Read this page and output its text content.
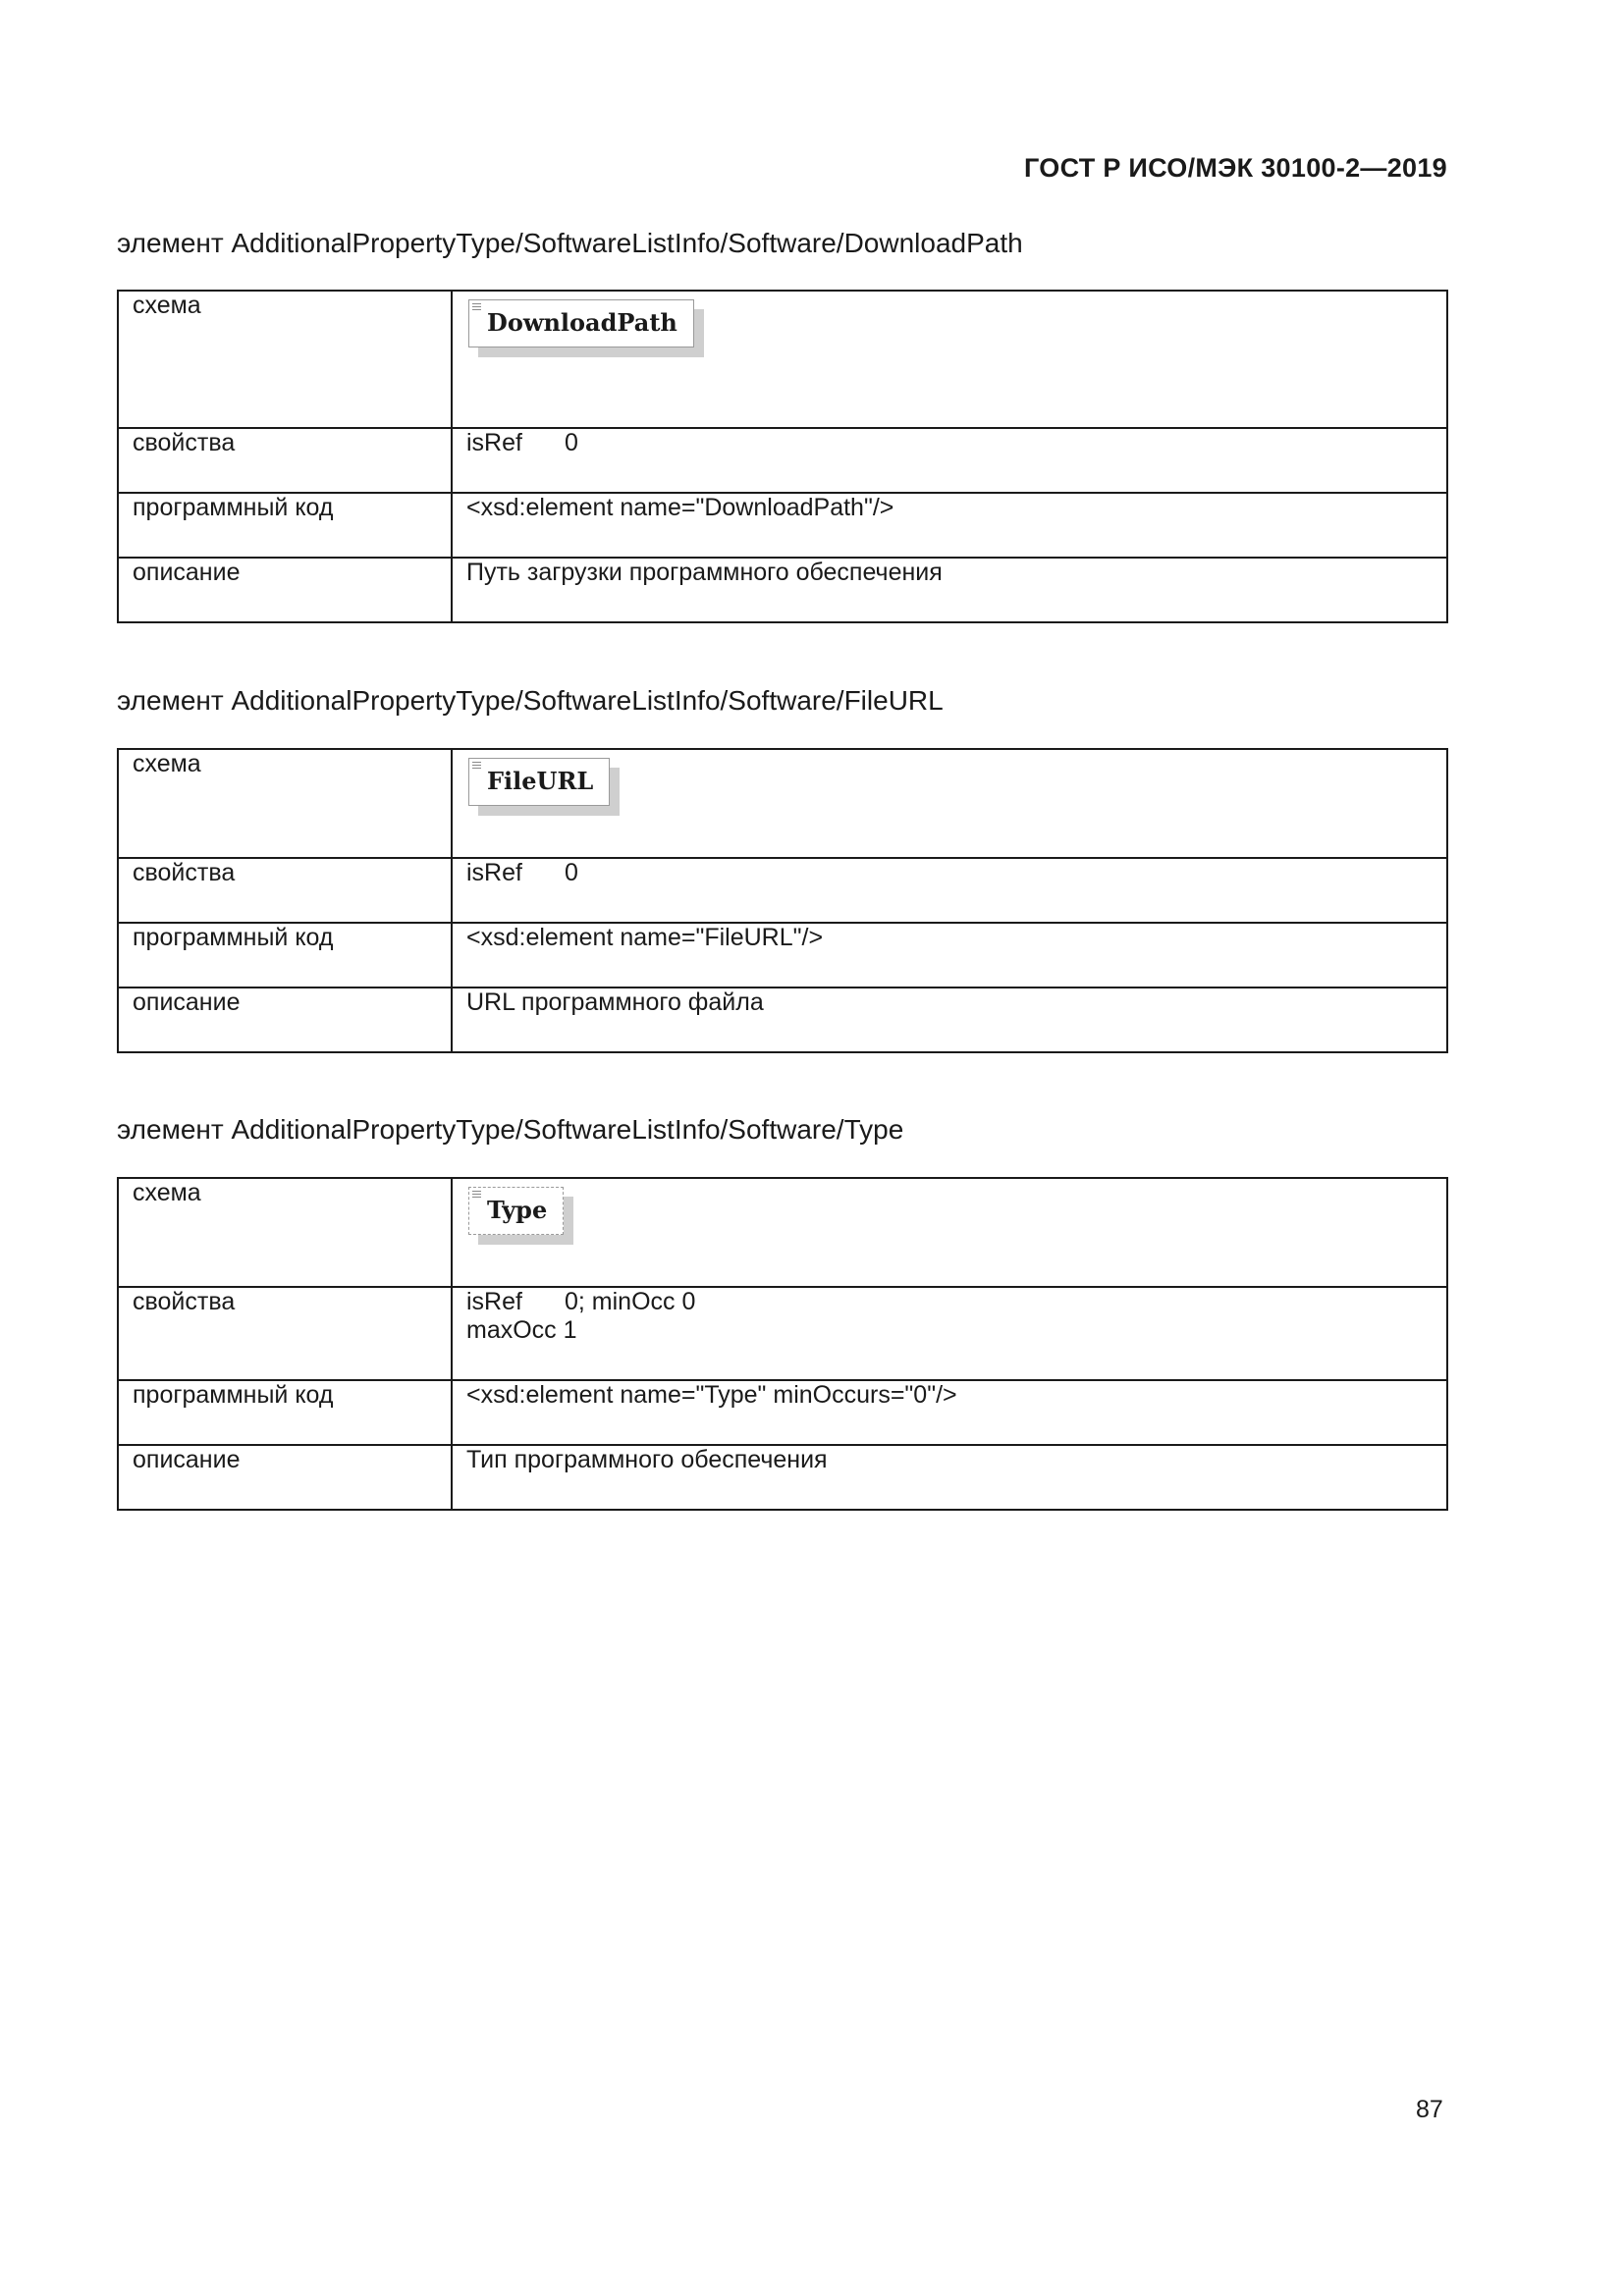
ГОСТ Р ИСО/МЭК 30100-2—2019
элемент AdditionalPropertyType/SoftwareListInfo/Software/DownloadPath
схема	DownloadPath

свойства	isRef 0
программный код	<xsd:element name="DownloadPath"/>
описание	Путь загрузки программного обеспечения
элемент AdditionalPropertyType/SoftwareListInfo/Software/FileURL
схема	FileURL

свойства	isRef 0
программный код	<xsd:element name="FileURL"/>
описание	URL программного файла
элемент AdditionalPropertyType/SoftwareListInfo/Software/Type
схема	Type

свойства	isRef 0; minOcc 0
maxOcc 1
программный код	<xsd:element name="Type" minOccurs="0"/>
описание	Тип программного обеспечения
87
